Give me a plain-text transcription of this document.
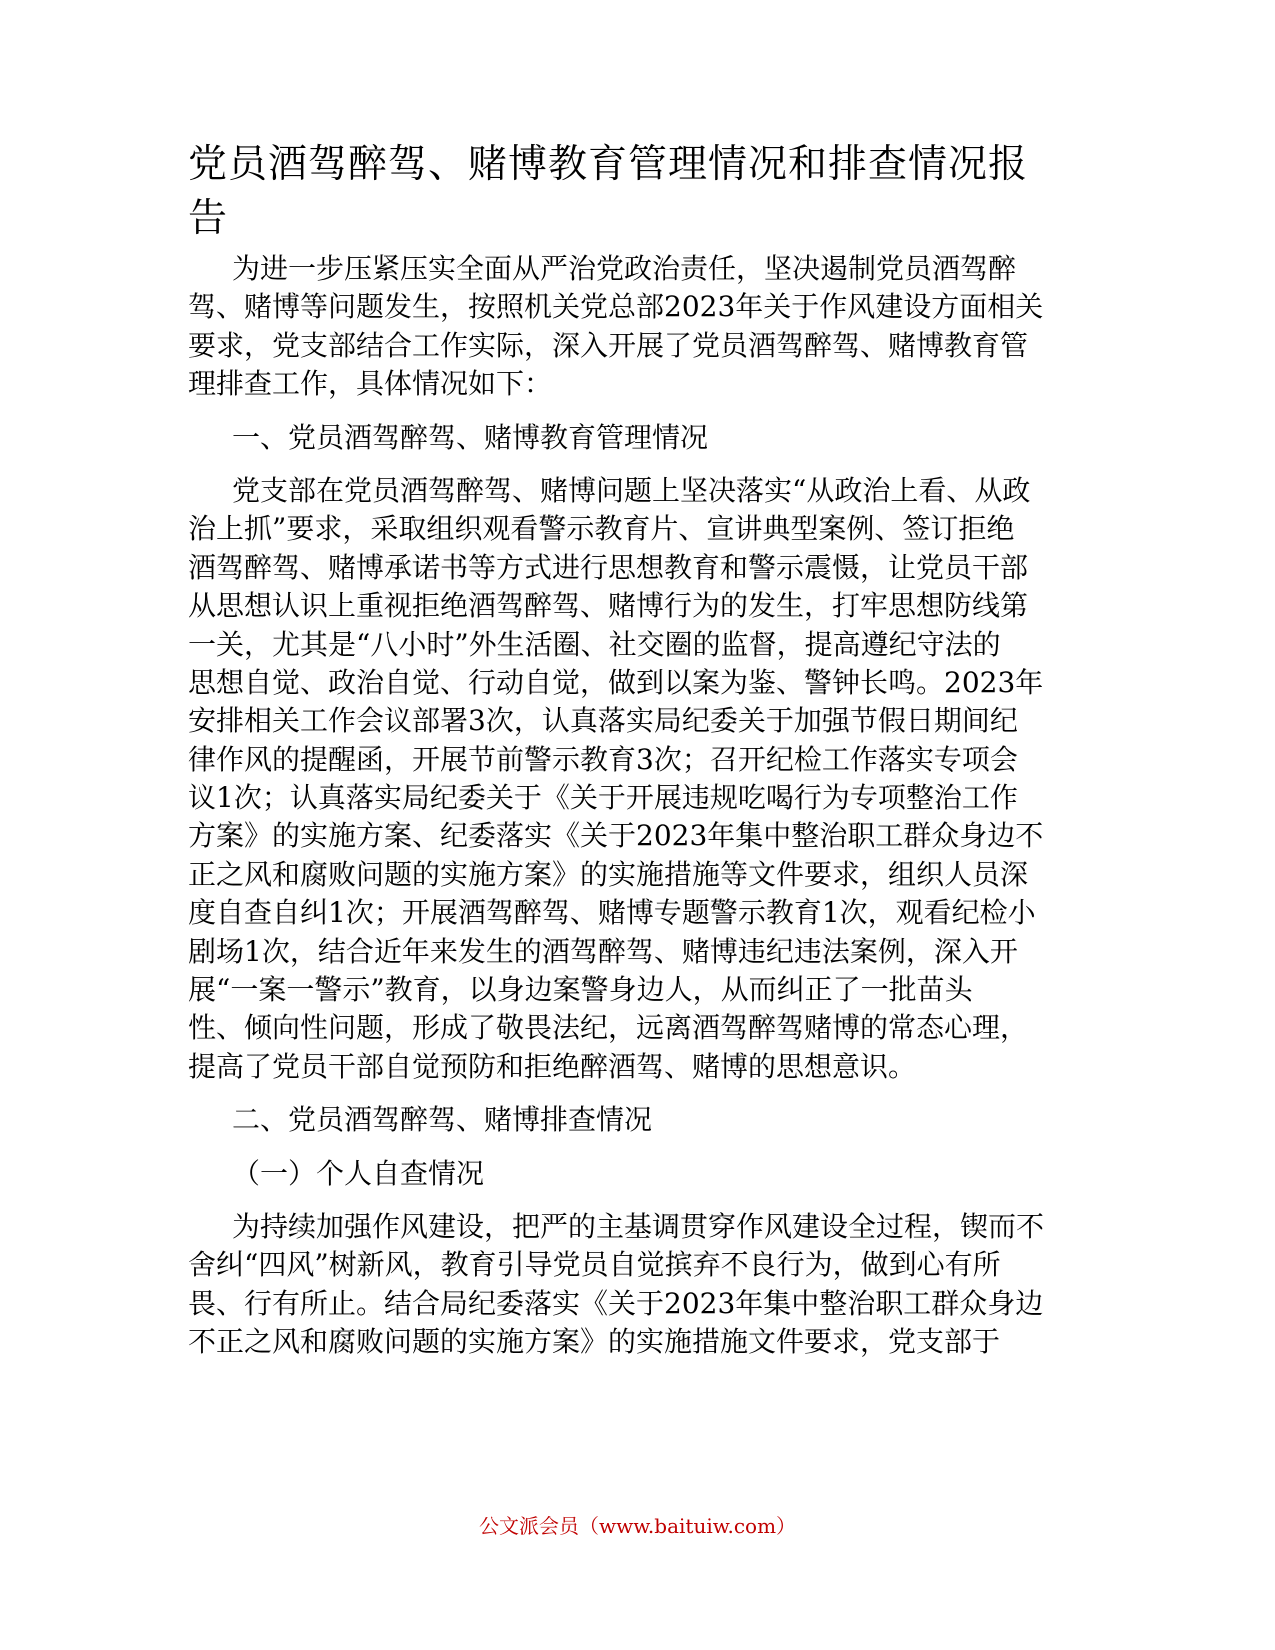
党员酒驾醉驾、赌博教育管理情况和排查情况报
告
为进一步压紧压实全面从严治党政治责任，坚决遏制党员酒驾醉
驾、赌博等问题发生，按照机关党总部2023年关于作风建设方面相关
要求，党支部结合工作实际，深入开展了党员酒驾醉驾、赌博教育管
理排查工作，具体情况如下：
一、党员酒驾醉驾、赌博教育管理情况
党支部在党员酒驾醉驾、赌博问题上坚决落实“从政治上看、从政
治上抓”要求，采取组织观看警示教育片、宣讲典型案例、签订拒绝
酒驾醉驾、赌博承诺书等方式进行思想教育和警示震慑，让党员干部
从思想认识上重视拒绝酒驾醉驾、赌博行为的发生，打牢思想防线第
一关，尤其是“八小时”外生活圈、社交圈的监督，提高遵纪守法的
思想自觉、政治自觉、行动自觉，做到以案为鉴、警钟长鸣。2023年
安排相关工作会议部署3次，认真落实局纪委关于加强节假日期间纪
律作风的提醒函，开展节前警示教育3次；召开纪检工作落实专项会
议1次；认真落实局纪委关于《关于开展违规吃喝行为专项整治工作
方案》的实施方案、纪委落实《关于2023年集中整治职工群众身边不
正之风和腐败问题的实施方案》的实施措施等文件要求，组织人员深
度自查自纠1次；开展酒驾醉驾、赌博专题警示教育1次，观看纪检小
剧场1次，结合近年来发生的酒驾醉驾、赌博违纪违法案例，深入开
展“一案一警示”教育，以身边案警身边人，从而纠正了一批苗头
性、倾向性问题，形成了敬畏法纪，远离酒驾醉驾赌博的常态心理，
提高了党员干部自觉预防和拒绝醉酒驾、赌博的思想意识。
二、党员酒驾醉驾、赌博排查情况
（一）个人自查情况
为持续加强作风建设，把严的主基调贯穿作风建设全过程，锲而不
舍纠“四风”树新风，教育引导党员自觉摈弃不良行为，做到心有所
畏、行有所止。结合局纪委落实《关于2023年集中整治职工群众身边
不正之风和腐败问题的实施方案》的实施措施文件要求，党支部于
公文派会员（www.baituiw.com）
